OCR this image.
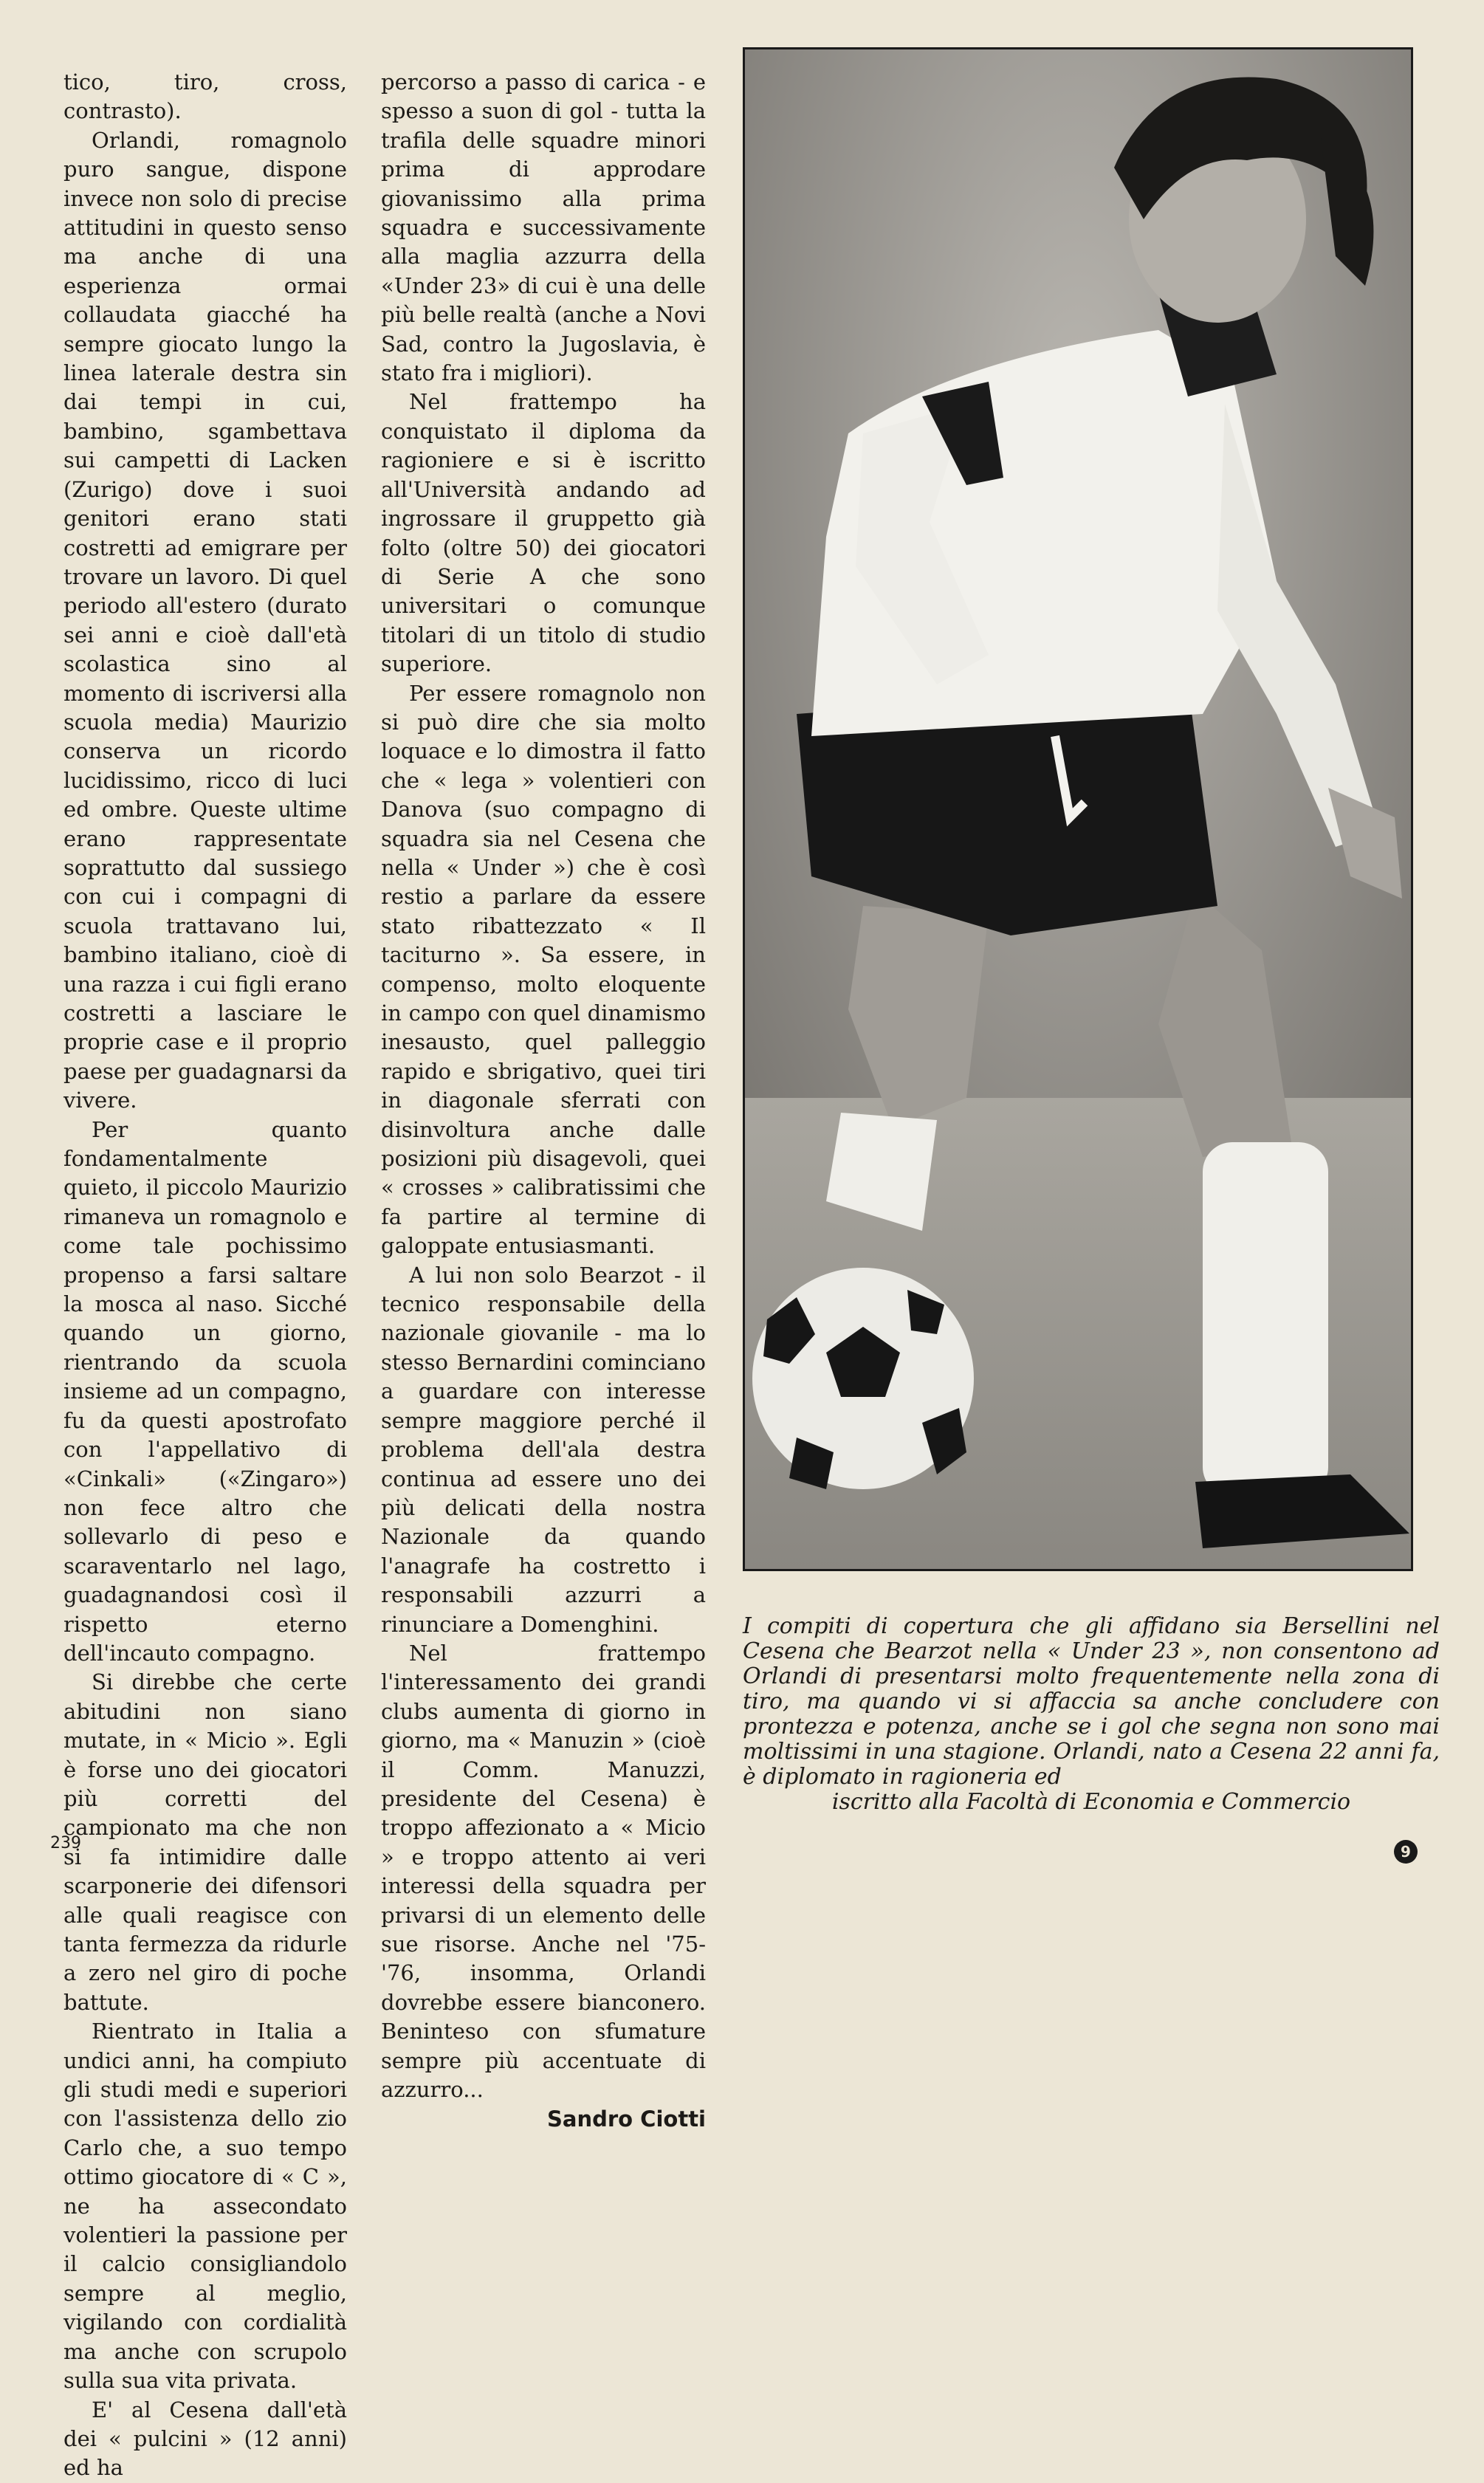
tico, tiro, cross, contrasto).

Orlandi, romagnolo puro sangue, dispone invece non solo di precise attitudini in questo senso ma anche di una esperienza ormai collaudata giacché ha sempre giocato lungo la linea laterale destra sin dai tempi in cui, bambino, sgambettava sui campetti di Lacken (Zurigo) dove i suoi genitori erano stati costretti ad emigrare per trovare un lavoro. Di quel periodo all'estero (durato sei anni e cioè dall'età scolastica sino al momento di iscriversi alla scuola media) Maurizio conserva un ricordo lucidissimo, ricco di luci ed ombre. Queste ultime erano rappresentate soprattutto dal sussiego con cui i compagni di scuola trattavano lui, bambino italiano, cioè di una razza i cui figli erano costretti a lasciare le proprie case e il proprio paese per guadagnarsi da vivere.

Per quanto fondamentalmente quieto, il piccolo Maurizio rimaneva un romagnolo e come tale pochissimo propenso a farsi saltare la mosca al naso. Sicché quando un giorno, rientrando da scuola insieme ad un compagno, fu da questi apostrofato con l'appellativo di «Cinkali» («Zingaro») non fece altro che sollevarlo di peso e scaraventarlo nel lago, guadagnandosi così il rispetto eterno dell'incauto compagno.

Si direbbe che certe abitudini non siano mutate, in « Micio ». Egli è forse uno dei giocatori più corretti del campionato ma che non si fa intimidire dalle scarponerie dei difensori alle quali reagisce con tanta fermezza da ridurle a zero nel giro di poche battute.

Rientrato in Italia a undici anni, ha compiuto gli studi medi e superiori con l'assistenza dello zio Carlo che, a suo tempo ottimo giocatore di « C », ne ha assecondato volentieri la passione per il calcio consigliandolo sempre al meglio, vigilando con cordialità ma anche con scrupolo sulla sua vita privata.

E' al Cesena dall'età dei « pulcini » (12 anni) ed ha

percorso a passo di carica - e spesso a suon di gol - tutta la trafila delle squadre minori prima di approdare giovanissimo alla prima squadra e successivamente alla maglia azzurra della «Under 23» di cui è una delle più belle realtà (anche a Novi Sad, contro la Jugoslavia, è stato fra i migliori).

Nel frattempo ha conquistato il diploma da ragioniere e si è iscritto all'Università andando ad ingrossare il gruppetto già folto (oltre 50) dei giocatori di Serie A che sono universitari o comunque titolari di un titolo di studio superiore.

Per essere romagnolo non si può dire che sia molto loquace e lo dimostra il fatto che « lega » volentieri con Danova (suo compagno di squadra sia nel Cesena che nella « Under ») che è così restio a parlare da essere stato ribattezzato « Il taciturno ». Sa essere, in compenso, molto eloquente in campo con quel dinamismo inesausto, quel palleggio rapido e sbrigativo, quei tiri in diagonale sferrati con disinvoltura anche dalle posizioni più disagevoli, quei « crosses » calibratissimi che fa partire al termine di galoppate entusiasmanti.

A lui non solo Bearzot - il tecnico responsabile della nazionale giovanile - ma lo stesso Bernardini cominciano a guardare con interesse sempre maggiore perché il problema dell'ala destra continua ad essere uno dei più delicati della nostra Nazionale da quando l'anagrafe ha costretto i responsabili azzurri a rinunciare a Domenghini.

Nel frattempo l'interessamento dei grandi clubs aumenta di giorno in giorno, ma « Manuzin » (cioè il Comm. Manuzzi, presidente del Cesena) è troppo affezionato a « Micio » e troppo attento ai veri interessi della squadra per privarsi di un elemento delle sue risorse. Anche nel '75-'76, insomma, Orlandi dovrebbe essere bianconero. Beninteso con sfumature sempre più accentuate di azzurro...

Sandro Ciotti
I compiti di copertura che gli affidano sia Bersellini nel Cesena che Bearzot nella « Under 23 », non consentono ad Orlandi di presentarsi molto frequentemente nella zona di tiro, ma quando vi si affaccia sa anche concludere con prontezza e potenza, anche se i gol che segna non sono mai moltissimi in una stagione. Orlandi, nato a Cesena 22 anni fa, è diplomato in ragioneria ed
iscritto alla Facoltà di Economia e Commercio
239	9
